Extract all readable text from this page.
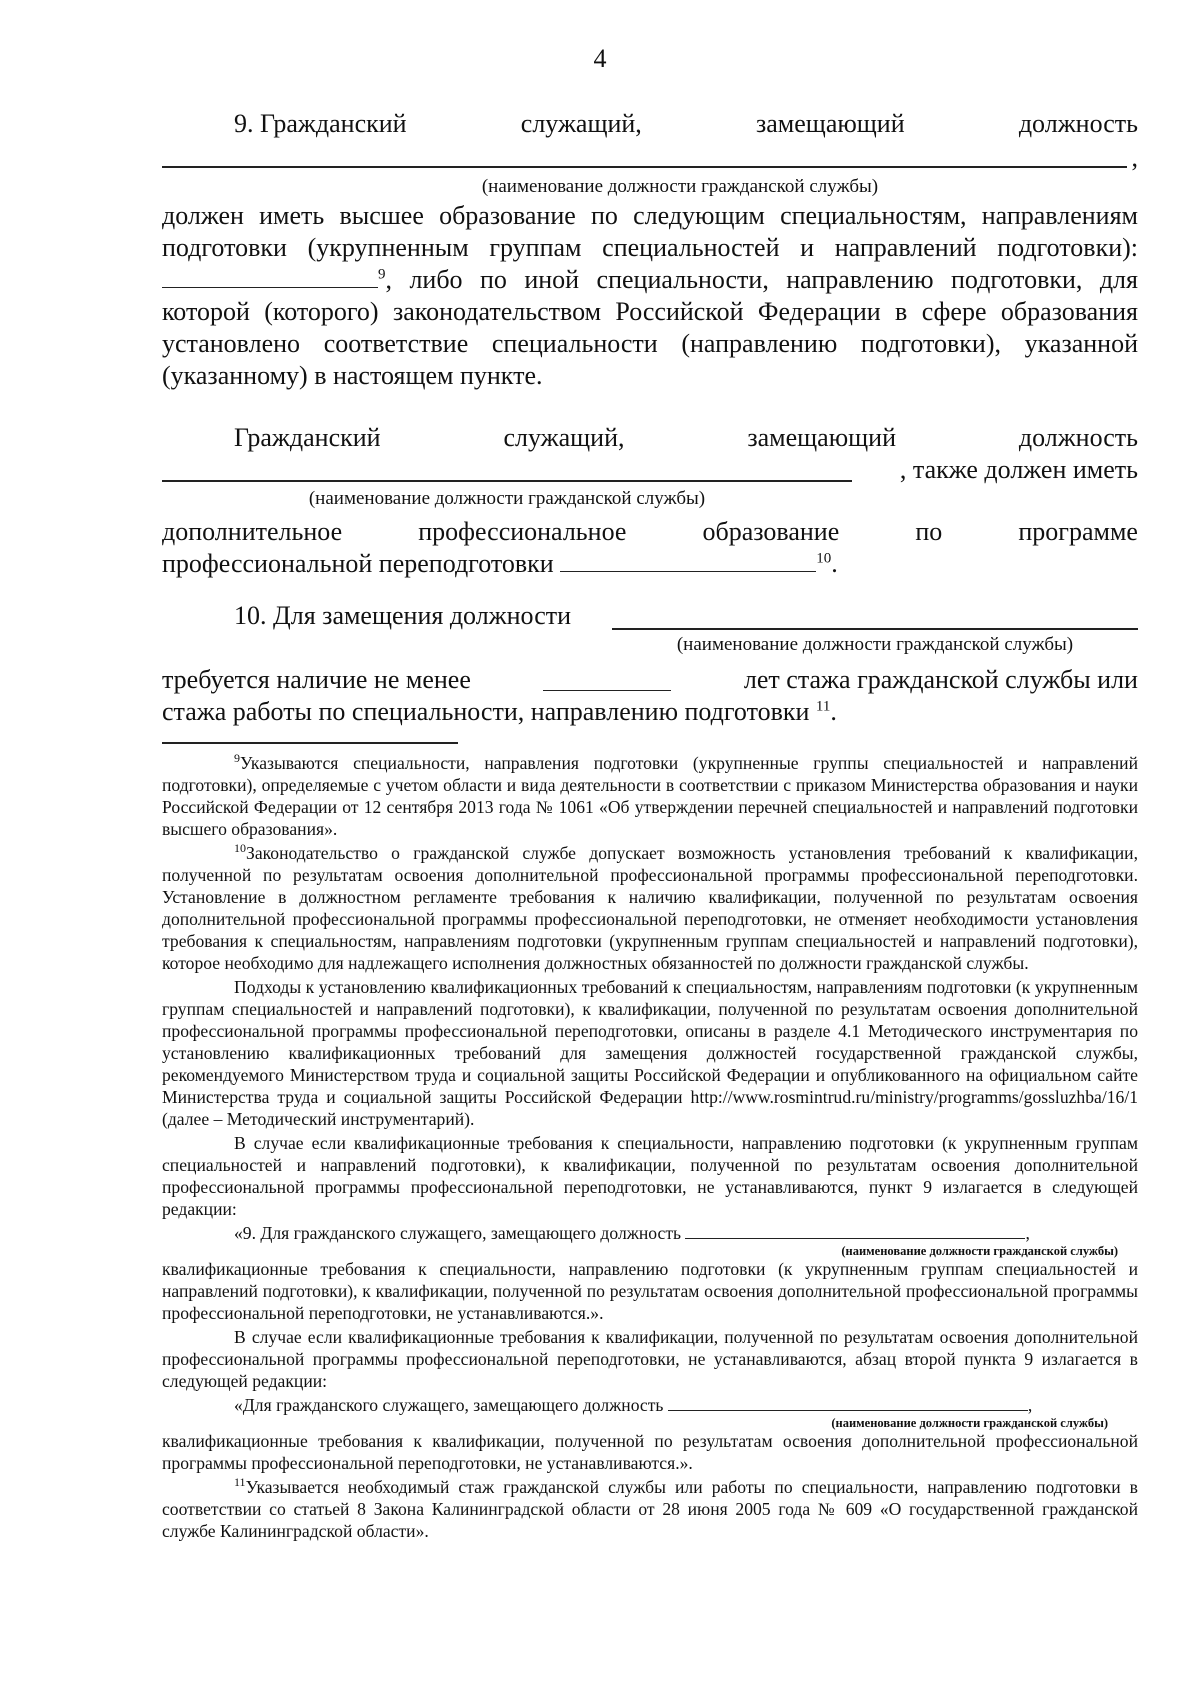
4
9. Гражданский	служащий,	замещающий	должность
,
(наименование должности гражданской службы)
должен иметь высшее образование по следующим специальностям, направлениям подготовки (укрупненным группам специальностей и направлений подготовки): $^9$, либо по иной специальности, направлению подготовки, для которой (которого) законодательством Российской Федерации в сфере образования установлено соответствие специальности (направлению подготовки), указанной (указанному) в настоящем пункте.
Гражданский	служащий,	замещающий	должность
, также должен иметь
(наименование должности гражданской службы)
дополнительное	профессиональное	образование	по	программе
профессиональной переподготовки	$^{10}$.
10. Для замещения должности
(наименование должности гражданской службы)
требуется наличие не менее	лет стажа гражданской службы или
стажа работы по специальности, направлению подготовки $^{11}$.

$^9$Указываются специальности, направления подготовки (укрупненные группы специальностей и направлений подготовки), определяемые с учетом области и вида деятельности в соответствии с приказом Министерства образования и науки Российской Федерации от 12 сентября 2013 года № 1061 «Об утверждении перечней специальностей и направлений подготовки высшего образования».

$^{10}$Законодательство о гражданской службе допускает возможность установления требований к квалификации, полученной по результатам освоения дополнительной профессиональной программы профессиональной переподготовки. Установление в должностном регламенте требования к наличию квалификации, полученной по результатам освоения дополнительной профессиональной программы профессиональной переподготовки, не отменяет необходимости установления требования к специальностям, направлениям подготовки (укрупненным группам специальностей и направлений подготовки), которое необходимо для надлежащего исполнения должностных обязанностей по должности гражданской службы.

Подходы к установлению квалификационных требований к специальностям, направлениям подготовки (к укрупненным группам специальностей и направлений подготовки), к квалификации, полученной по результатам освоения дополнительной профессиональной программы профессиональной переподготовки, описаны в разделе 4.1 Методического инструментария по установлению квалификационных требований для замещения должностей государственной гражданской службы, рекомендуемого Министерством труда и социальной защиты Российской Федерации и опубликованного на официальном сайте Министерства труда и социальной защиты Российской Федерации http://www.rosmintrud.ru/ministry/programms/gossluzhba/16/1 (далее – Методический инструментарий).

В случае если квалификационные требования к специальности, направлению подготовки (к укрупненным группам специальностей и направлений подготовки), к квалификации, полученной по результатам освоения дополнительной профессиональной программы профессиональной переподготовки, не устанавливаются, пункт 9 излагается в следующей редакции:

«9. Для гражданского служащего, замещающего должность	,

(наименование должности гражданской службы)

квалификационные требования к специальности, направлению подготовки (к укрупненным группам специальностей и направлений подготовки), к квалификации, полученной по результатам освоения дополнительной профессиональной программы профессиональной переподготовки, не устанавливаются.».

В случае если квалификационные требования к квалификации, полученной по результатам освоения дополнительной профессиональной программы профессиональной переподготовки, не устанавливаются, абзац второй пункта 9 излагается в следующей редакции:

«Для гражданского служащего, замещающего должность	,

(наименование должности гражданской службы)

квалификационные требования к квалификации, полученной по результатам освоения дополнительной профессиональной программы профессиональной переподготовки, не устанавливаются.».

$^{11}$Указывается необходимый стаж гражданской службы или работы по специальности, направлению подготовки в соответствии со статьей 8 Закона Калининградской области от 28 июня 2005 года № 609 «О государственной гражданской службе Калининградской области».
